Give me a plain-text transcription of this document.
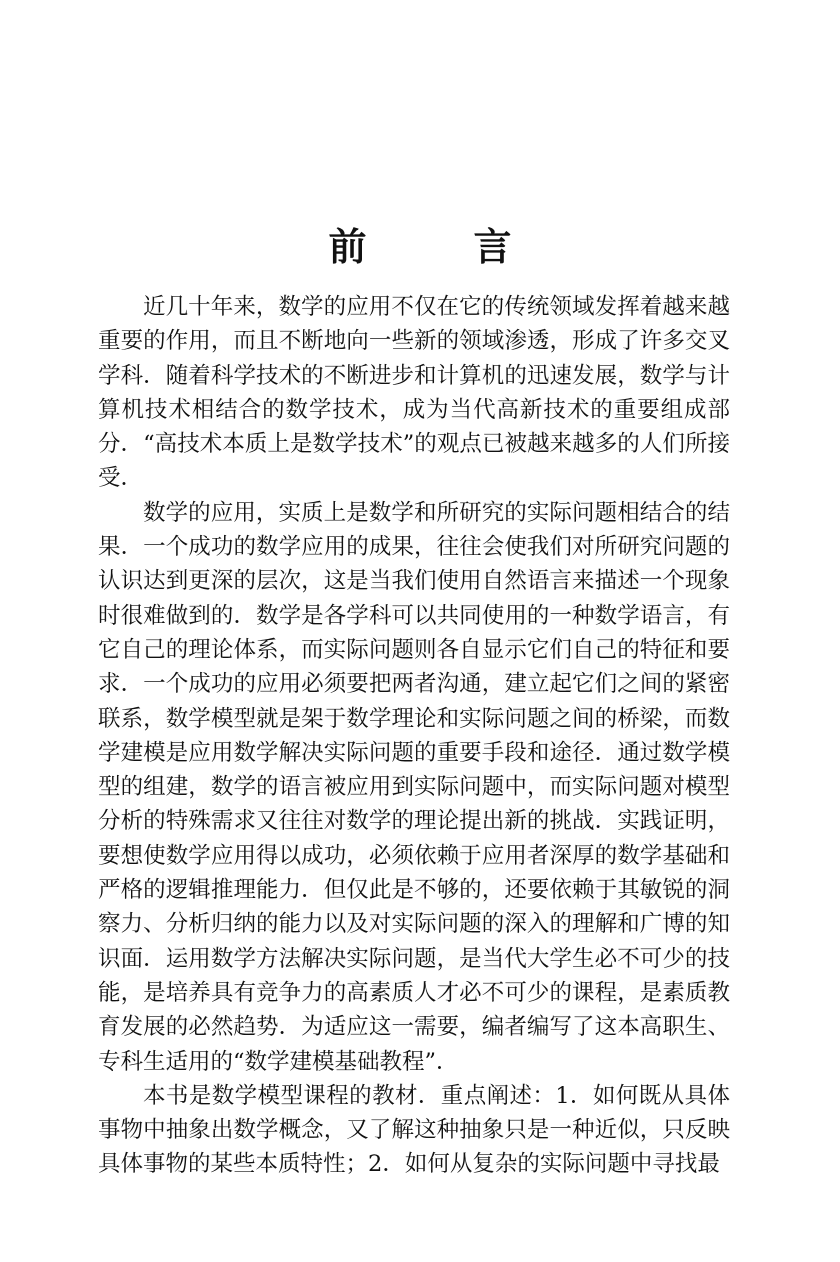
前	言

近几十年来，数学的应用不仅在它的传统领域发挥着越来越重要的作用，而且不断地向一些新的领域渗透，形成了许多交叉学科．随着科学技术的不断进步和计算机的迅速发展，数学与计算机技术相结合的数学技术，成为当代高新技术的重要组成部分．“高技术本质上是数学技术”的观点已被越来越多的人们所接受．

数学的应用，实质上是数学和所研究的实际问题相结合的结果．一个成功的数学应用的成果，往往会使我们对所研究问题的认识达到更深的层次，这是当我们使用自然语言来描述一个现象时很难做到的．数学是各学科可以共同使用的一种数学语言，有它自己的理论体系，而实际问题则各自显示它们自己的特征和要求．一个成功的应用必须要把两者沟通，建立起它们之间的紧密联系，数学模型就是架于数学理论和实际问题之间的桥梁，而数学建模是应用数学解决实际问题的重要手段和途径．通过数学模型的组建，数学的语言被应用到实际问题中，而实际问题对模型分析的特殊需求又往往对数学的理论提出新的挑战．实践证明，要想使数学应用得以成功，必须依赖于应用者深厚的数学基础和严格的逻辑推理能力．但仅此是不够的，还要依赖于其敏锐的洞察力、分析归纳的能力以及对实际问题的深入的理解和广博的知识面．运用数学方法解决实际问题，是当代大学生必不可少的技能，是培养具有竞争力的高素质人才必不可少的课程，是素质教育发展的必然趋势．为适应这一需要，编者编写了这本高职生、专科生适用的“数学建模基础教程”．

本书是数学模型课程的教材．重点阐述：1．如何既从具体事物中抽象出数学概念，又了解这种抽象只是一种近似，只反映具体事物的某些本质特性；2．如何从复杂的实际问题中寻找最
